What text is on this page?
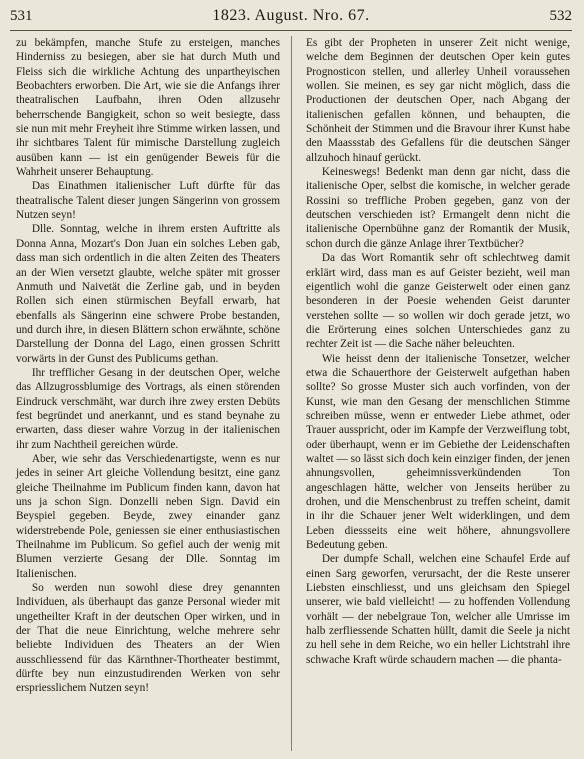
531	1823. August. Nro. 67.	532

zu bekämpfen, manche Stufe zu ersteigen, manches Hinderniss zu besiegen, aber sie hat durch Muth und Fleiss sich die wirkliche Achtung des unpartheyischen Beobachters erworben. Die Art, wie sie die Anfangs ihrer theatralischen Laufbahn, ihren Oden allzusehr beherrschende Bangigkeit, schon so weit besiegte, dass sie nun mit mehr Freyheit ihre Stimme wirken lassen, und ihr sichtbares Talent für mimische Darstellung zugleich ausüben kann — ist ein genügender Beweis für die Wahrheit unserer Behauptung.

Das Einathmen italienischer Luft dürfte für das theatralische Talent dieser jungen Sängerinn von grossem Nutzen seyn!

Dlle. Sonntag, welche in ihrem ersten Auftritte als Donna Anna, Mozart's Don Juan ein solches Leben gab, dass man sich ordentlich in die alten Zeiten des Theaters an der Wien versetzt glaubte, welche später mit grosser Anmuth und Naivetät die Zerline gab, und in beyden Rollen sich einen stürmischen Beyfall erwarb, hat ebenfalls als Sängerinn eine schwere Probe bestanden, und durch ihre, in diesen Blättern schon erwähnte, schöne Darstellung der Donna del Lago, einen grossen Schritt vorwärts in der Gunst des Publicums gethan.

Ihr trefflicher Gesang in der deutschen Oper, welche das Allzugrossblumige des Vortrags, als einen störenden Eindruck verschmäht, war durch ihre zwey ersten Debüts fest begründet und anerkannt, und es stand beynahe zu erwarten, dass dieser wahre Vorzug in der italienischen ihr zum Nachtheil gereichen würde.

Aber, wie sehr das Verschiedenartigste, wenn es nur jedes in seiner Art gleiche Vollendung besitzt, eine ganz gleiche Theilnahme im Publicum finden kann, davon hat uns ja schon Sign. Donzelli neben Sign. David ein Beyspiel gegeben. Beyde, zwey einander ganz widerstrebende Pole, geniessen sie einer enthusiastischen Theilnahme im Publicum. So gefiel auch der wenig mit Blumen verzierte Gesang der Dlle. Sonntag im Italienischen.

So werden nun sowohl diese drey genannten Individuen, als überhaupt das ganze Personal wieder mit ungetheilter Kraft in der deutschen Oper wirken, und in der That die neue Einrichtung, welche mehrere sehr beliebte Individuen des Theaters an der Wien ausschliessend für das Kärnthner-Thortheater bestimmt, dürfte bey nun einzustudirenden Werken von sehr erspriesslichem Nutzen seyn!

Es gibt der Propheten in unserer Zeit nicht wenige, welche dem Beginnen der deutschen Oper kein gutes Prognosticon stellen, und allerley Unheil voraussehen wollen. Sie meinen, es sey gar nicht möglich, dass die Productionen der deutschen Oper, nach Abgang der italienischen gefallen können, und behaupten, die Schönheit der Stimmen und die Bravour ihrer Kunst habe den Maassstab des Gefallens für die deutschen Sänger allzuhoch hinauf gerückt.

Keineswegs! Bedenkt man denn gar nicht, dass die italienische Oper, selbst die komische, in welcher gerade Rossini so treffliche Proben gegeben, ganz von der deutschen verschieden ist? Ermangelt denn nicht die italienische Opernbühne ganz der Romantik der Musik, schon durch die gänze Anlage ihrer Textbücher?

Da das Wort Romantik sehr oft schlechtweg damit erklärt wird, dass man es auf Geister bezieht, weil man eigentlich wohl die ganze Geisterwelt oder einen ganz besonderen in der Poesie wehenden Geist darunter verstehen sollte — so wollen wir doch gerade jetzt, wo die Erörterung eines solchen Unterschiedes ganz zu rechter Zeit ist — die Sache näher beleuchten.

Wie heisst denn der italienische Tonsetzer, welcher etwa die Schauerthore der Geisterwelt aufgethan haben sollte? So grosse Muster sich auch vorfinden, von der Kunst, wie man den Gesang der menschlichen Stimme schreiben müsse, wenn er entweder Liebe athmet, oder Trauer ausspricht, oder im Kampfe der Verzweiflung tobt, oder überhaupt, wenn er im Gebiethe der Leidenschaften waltet — so lässt sich doch kein einziger finden, der jenen ahnungsvollen, geheimnissverkündenden Ton angeschlagen hätte, welcher von Jenseits herüber zu drohen, und die Menschenbrust zu treffen scheint, damit in ihr die Schauer jener Welt widerklingen, und dem Leben diessseits eine weit höhere, ahnungsvollere Bedeutung geben.

Der dumpfe Schall, welchen eine Schaufel Erde auf einen Sarg geworfen, verursacht, der die Reste unserer Liebsten einschliesst, und uns gleichsam den Spiegel unserer, wie bald vielleicht! — zu hoffenden Vollendung vorhält — der nebelgraue Ton, welcher alle Umrisse im halb zerfliessende Schatten hüllt, damit die Seele ja nicht zu hell sehe in dem Reiche, wo ein heller Lichtstrahl ihre schwache Kraft würde schaudern machen — die phanta-
